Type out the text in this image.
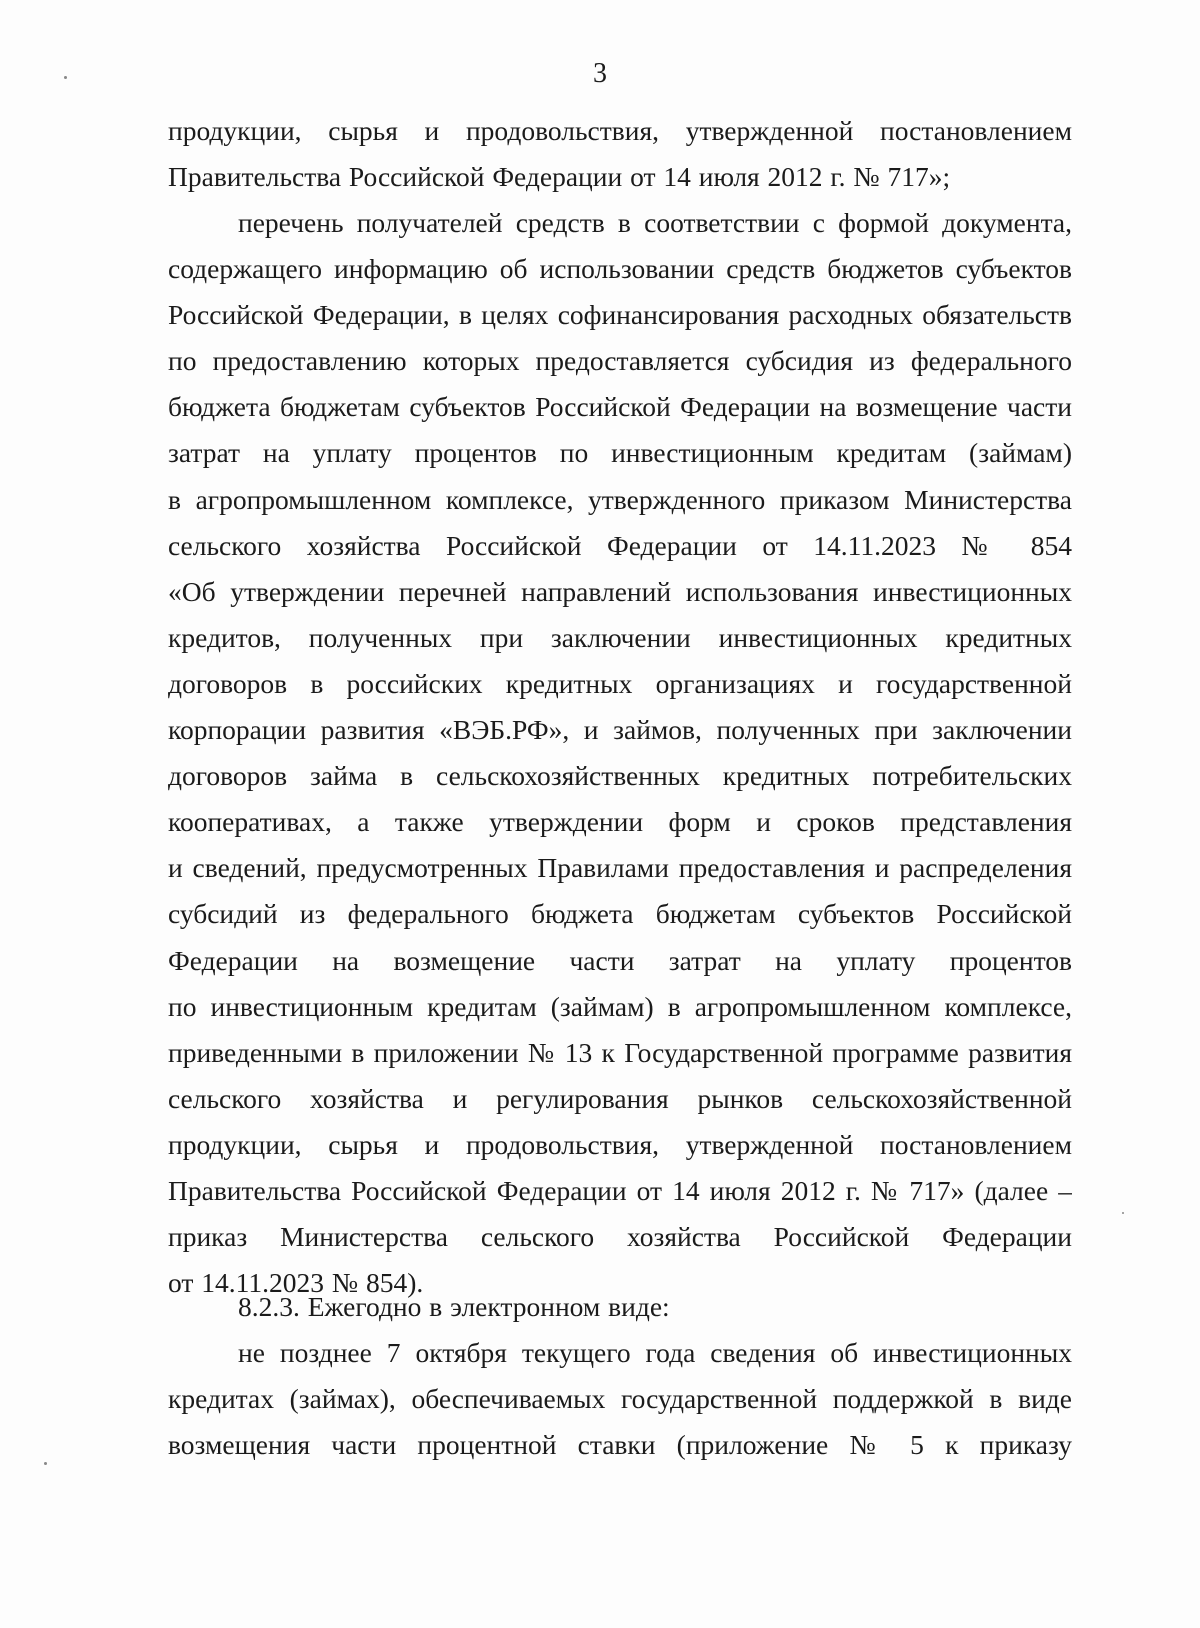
3
продукции, сырья и продовольствия, утвержденной постановлением
Правительства Российской Федерации от 14 июля 2012 г. № 717»;
перечень получателей средств в соответствии с формой документа,
содержащего информацию об использовании средств бюджетов субъектов
Российской Федерации, в целях софинансирования расходных обязательств
по предоставлению которых предоставляется субсидия из федерального
бюджета бюджетам субъектов Российской Федерации на возмещение части
затрат на уплату процентов по инвестиционным кредитам (займам)
в агропромышленном комплексе, утвержденного приказом Министерства
сельского хозяйства Российской Федерации от 14.11.2023 № 854
«Об утверждении перечней направлений использования инвестиционных
кредитов, полученных при заключении инвестиционных кредитных
договоров в российских кредитных организациях и государственной
корпорации развития «ВЭБ.РФ», и займов, полученных при заключении
договоров займа в сельскохозяйственных кредитных потребительских
кооперативах, а также утверждении форм и сроков представления
и сведений, предусмотренных Правилами предоставления и распределения
субсидий из федерального бюджета бюджетам субъектов Российской
Федерации на возмещение части затрат на уплату процентов
по инвестиционным кредитам (займам) в агропромышленном комплексе,
приведенными в приложении № 13 к Государственной программе развития
сельского хозяйства и регулирования рынков сельскохозяйственной
продукции, сырья и продовольствия, утвержденной постановлением
Правительства Российской Федерации от 14 июля 2012 г. № 717» (далее –
приказ Министерства сельского хозяйства Российской Федерации
от 14.11.2023 № 854).
8.2.3. Ежегодно в электронном виде:
не позднее 7 октября текущего года сведения об инвестиционных
кредитах (займах), обеспечиваемых государственной поддержкой в виде
возмещения части процентной ставки (приложение № 5 к приказу
